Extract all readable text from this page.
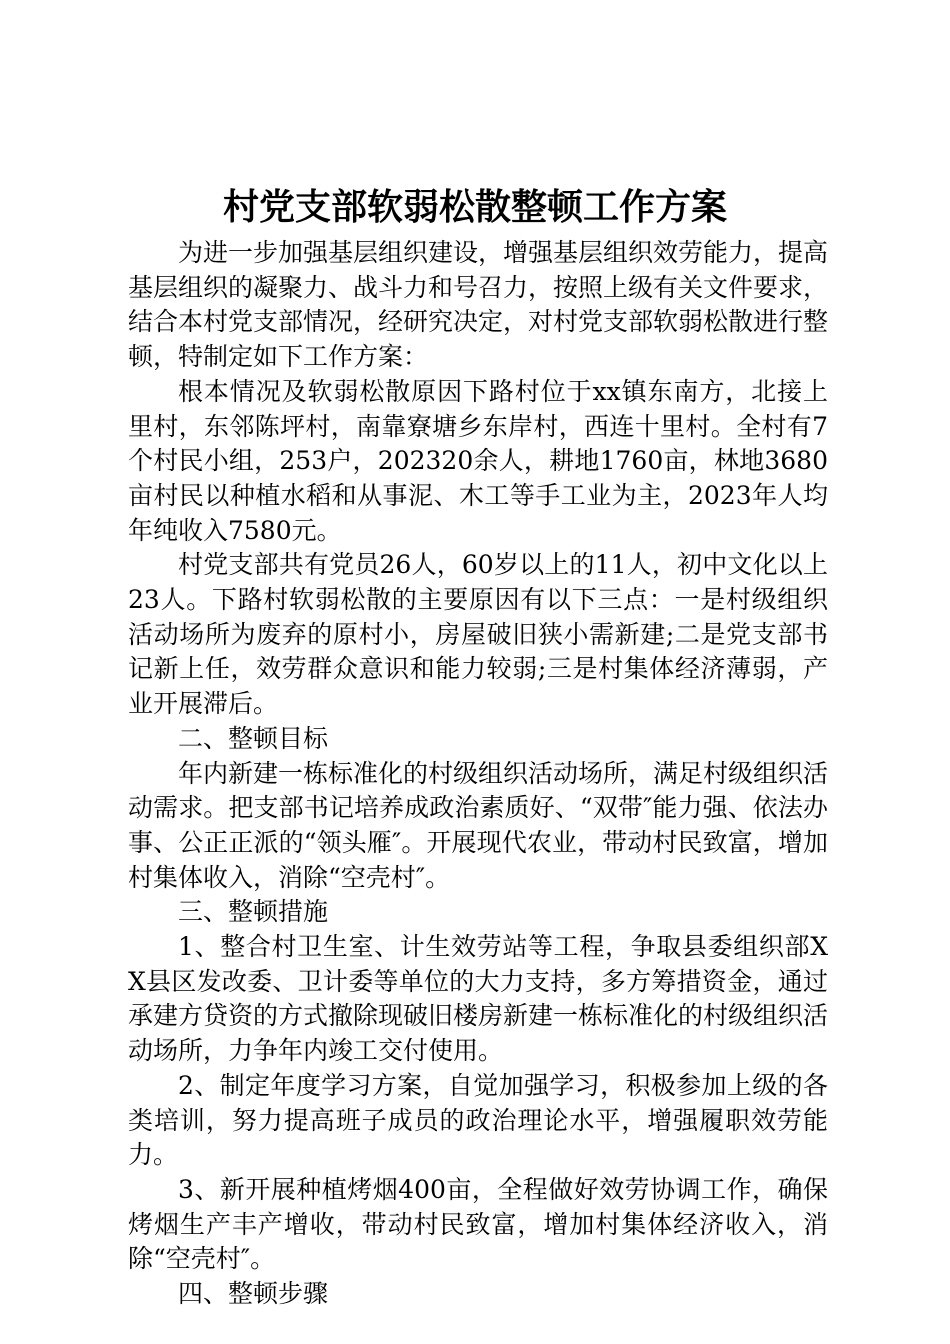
村党支部软弱松散整顿工作方案

为进一步加强基层组织建设，增强基层组织效劳能力，提高基层组织的凝聚力、战斗力和号召力，按照上级有关文件要求，结合本村党支部情况，经研究决定，对村党支部软弱松散进行整顿，特制定如下工作方案：

根本情况及软弱松散原因下路村位于xx镇东南方，北接上里村，东邻陈坪村，南靠寮塘乡东岸村，西连十里村。全村有7个村民小组，253户，202320余人，耕地1760亩，林地3680亩村民以种植水稻和从事泥、木工等手工业为主，2023年人均年纯收入7580元。

村党支部共有党员26人，60岁以上的11人，初中文化以上23人。下路村软弱松散的主要原因有以下三点：一是村级组织活动场所为废弃的原村小，房屋破旧狭小需新建;二是党支部书记新上任，效劳群众意识和能力较弱;三是村集体经济薄弱，产业开展滞后。

二、整顿目标

年内新建一栋标准化的村级组织活动场所，满足村级组织活动需求。把支部书记培养成政治素质好、“双带″能力强、依法办事、公正正派的“领头雁″。开展现代农业，带动村民致富，增加村集体收入，消除“空壳村″。

三、整顿措施

1、整合村卫生室、计生效劳站等工程，争取县委组织部XX县区发改委、卫计委等单位的大力支持，多方筹措资金，通过承建方贷资的方式撤除现破旧楼房新建一栋标准化的村级组织活动场所，力争年内竣工交付使用。

2、制定年度学习方案，自觉加强学习，积极参加上级的各类培训，努力提高班子成员的政治理论水平，增强履职效劳能力。

3、新开展种植烤烟400亩，全程做好效劳协调工作，确保烤烟生产丰产增收，带动村民致富，增加村集体经济收入，消除“空壳村″。

四、整顿步骤
